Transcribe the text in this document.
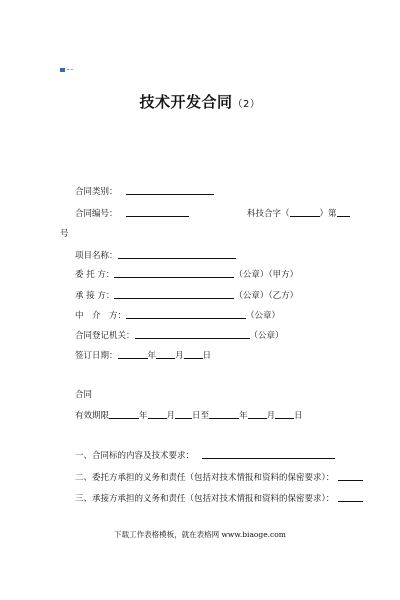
━ ━
技术开发合同（2）
合同类别：
合同编号：	科技合字（	）第
号
项目名称：
委 托 方：	（公章）（甲方）
承 接 方：	（公章）（乙方）
中　介　方：	（公章）
合同登记机关：	（公章）
签订日期：	年 月 日
合同
有效期限	年 月 日至	年 月 日
一、合同标的内容及技术要求：
二、委托方承担的义务和责任（包括对技术情报和资料的保密要求）：
三、承接方承担的义务和责任（包括对技术情报和资料的保密要求）：
下载工作表格模板，就在表格网 www.biaoge.com
